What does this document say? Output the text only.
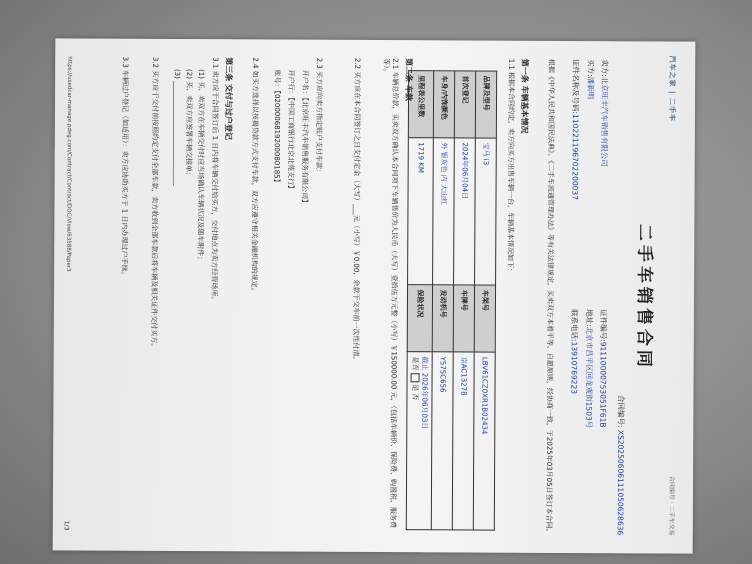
汽车之家 | 二手车
合同编号 · 二手车交易
二手车销售合同
合同编号: XS20250606111050628636
卖方:北京旺丰汽车销售有限公司
证件编号:91110000753051F61B
买方:潘新明
地址:北京市昌平区回龙观街1503号
证件名称及号码:110221196702200037
联系电话:13910769223
根据《中华人民共和国民法典》、《二手车流通管理办法》等有关法律规定，买卖双方本着平等、自愿原则，经协商一致，于2025年03月05日签订本合同。
第一条 车辆基本情况
1.1 根据本合同约定，卖方向买方出售车辆一台，车辆基本情况如下：
品牌及型号	宝马 i3	车架号	LBV61CZ0XR1B02434
首次登记	2024年06月04日	车牌号	京AC13278
车身/内饰颜色	外 银灰色 内 大山红	发动机号	Y575C656
里程表公里数	1719 KM	保险状况	截止 2026年06月03日
是否  是 否
第二条 车款
2.1 车辆总价款，买卖双方确认本合同项下车辆售价为人民币（大写）壹拾伍万元整（小写）￥150000.00 元，（包括车辆价、保险费、购置税、服务费等）。
2.2 买方应在本合同签订之日支付定金（大写）___元（小写）￥0.00，余款于交车前一次性付清。
2.3 买方应向卖方指定账户支付车款：
开户名：【北京旺丰汽车销售服务有限公司】
开户行：【中国工商银行北京北苑支行】
账号：【0200006819200080185】
2.4 如买方选择以按揭贷款方式支付车款，双方应遵守相关金融机构的规定。
第三条 交付与过户登记
3.1 卖方应于合同签订后 1 日内将车辆交付给买方，交付地点为卖方经营场所。
(1) 买、卖双方在车辆交付时应当场确认车辆状况及随车附件；
(2) 买、卖双方应签署车辆交接单；
(3) ______________________________
3.2 买方应于交付前按照约定支付全部车款，卖方收到全部车款后将车辆及相关证件交付买方。
3.3 车辆过户登记（如适用）：卖方应协助买方于 1 日内办理过户手续。
https://usedcar-manage.pdeg.com/Contract/Contract/DOC/View/63588/Paper3
1/3
